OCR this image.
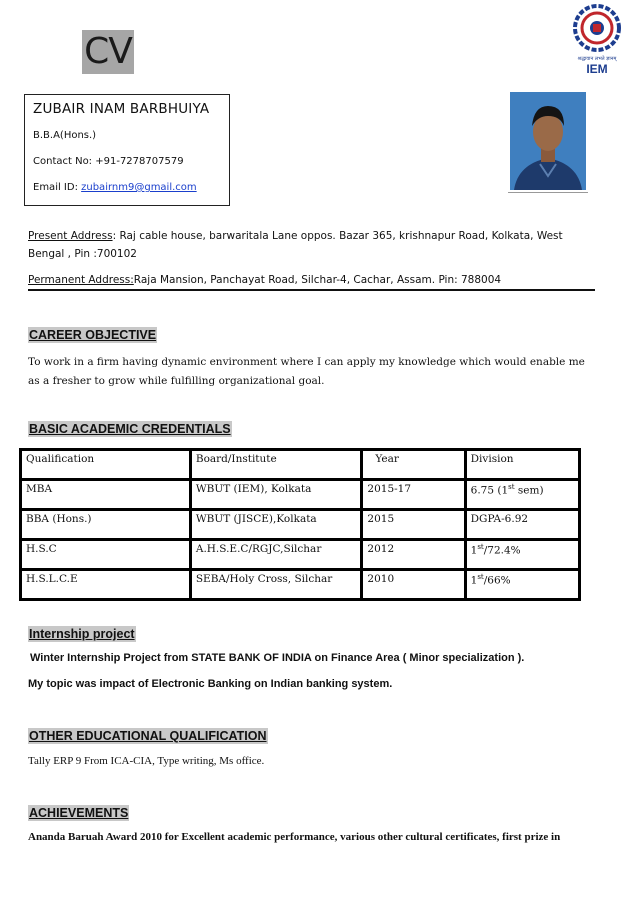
CV	श्रद्धावान लभते ज्ञानम्
IEM
ZUBAIR INAM BARBHUIYA
B.B.A(Hons.)
Contact No: +91-7278707579
Email ID: zubairnm9@gmail.com
Present Address: Raj cable house, barwaritala Lane oppos. Bazar 365, krishnapur Road, Kolkata, West Bengal , Pin :700102
Permanent Address:Raja Mansion, Panchayat Road, Silchar-4, Cachar, Assam. Pin: 788004
CAREER OBJECTIVE
To work in a firm having dynamic environment where I can apply my knowledge which would enable me as a fresher to grow while fulfilling organizational goal.
BASIC ACADEMIC CREDENTIALS
Qualification	Board/Institute	Year	Division
MBA	WBUT (IEM), Kolkata	2015-17	6.75 (1st sem)
BBA (Hons.)	WBUT (JISCE),Kolkata	2015	DGPA-6.92
H.S.C	A.H.S.E.C/RGJC,Silchar	2012	1st/72.4%
H.S.L.C.E	SEBA/Holy Cross, Silchar	2010	1st/66%
Internship project
Winter Internship Project from STATE BANK OF INDIA on Finance Area ( Minor specialization ).
My topic was impact of Electronic Banking on Indian banking system.
OTHER EDUCATIONAL QUALIFICATION
Tally ERP 9 From ICA-CIA, Type writing, Ms office.
ACHIEVEMENTS
Ananda Baruah Award 2010 for Excellent academic performance, various other cultural certificates, first prize in
